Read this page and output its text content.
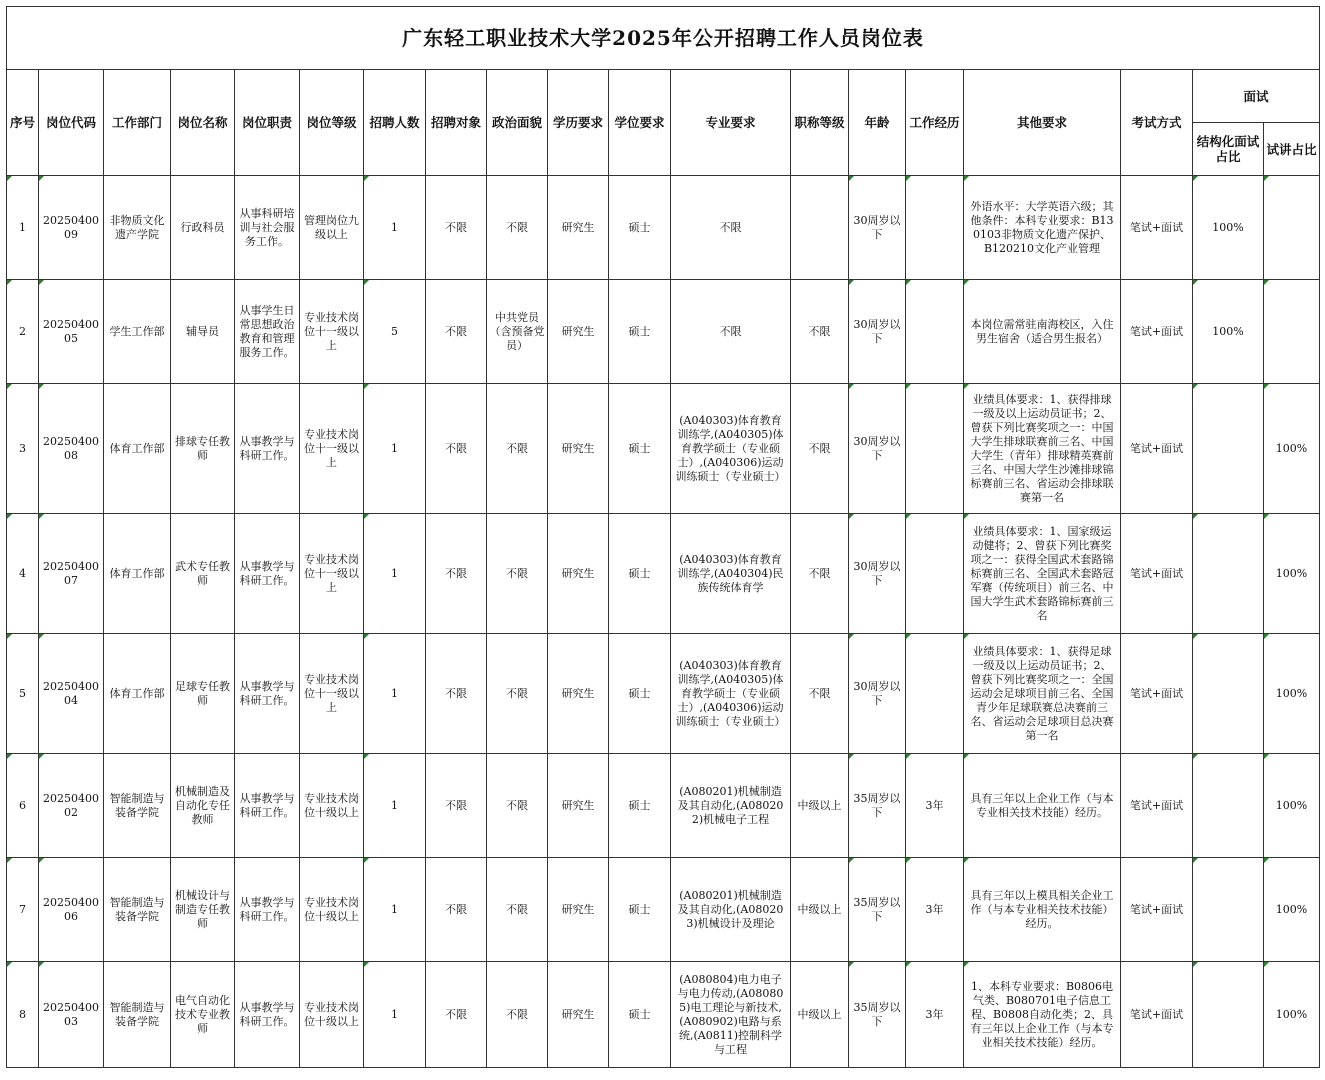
广东轻工职业技术大学2025年公开招聘工作人员岗位表																		
序号	岗位代码	工作部门	岗位名称	岗位职责	岗位等级	招聘人数	招聘对象	政治面貌	学历要求	学位要求	专业要求	职称等级	年龄	工作经历	其他要求	考试方式	面试	
																	结构化面试占比	试讲占比

1	2025040009	非物质文化遗产学院	行政科员	从事科研培训与社会服务工作。	管理岗位九级以上	1	不限	不限	研究生	硕士	不限		30周岁以下		外语水平：大学英语六级；其他条件：本科专业要求：B130103非物质文化遗产保护、B120210文化产业管理	笔试+面试	100%	

2	2025040005	学生工作部	辅导员	从事学生日常思想政治教育和管理服务工作。	专业技术岗位十一级以上	5	不限	中共党员（含预备党员）	研究生	硕士	不限	不限	30周岁以下		本岗位需常驻南海校区，入住男生宿舍（适合男生报名）	笔试+面试	100%	

3	2025040008	体育工作部	排球专任教师	从事教学与科研工作。	专业技术岗位十一级以上	1	不限	不限	研究生	硕士	(A040303)体育教育训练学,(A040305)体育教学硕士（专业硕士）,(A040306)运动训练硕士（专业硕士）	不限	30周岁以下		业绩具体要求：1、获得排球一级及以上运动员证书；2、曾获下列比赛奖项之一：中国大学生排球联赛前三名、中国大学生（青年）排球精英赛前三名、中国大学生沙滩排球锦标赛前三名、省运动会排球联赛第一名	笔试+面试		100%

4	2025040007	体育工作部	武术专任教师	从事教学与科研工作。	专业技术岗位十一级以上	1	不限	不限	研究生	硕士	(A040303)体育教育训练学,(A040304)民族传统体育学	不限	30周岁以下		业绩具体要求：1、国家级运动健将；2、曾获下列比赛奖项之一：获得全国武术套路锦标赛前三名、全国武术套路冠军赛（传统项目）前三名、中国大学生武术套路锦标赛前三名	笔试+面试		100%

5	2025040004	体育工作部	足球专任教师	从事教学与科研工作。	专业技术岗位十一级以上	1	不限	不限	研究生	硕士	(A040303)体育教育训练学,(A040305)体育教学硕士（专业硕士）,(A040306)运动训练硕士（专业硕士）	不限	30周岁以下		业绩具体要求：1、获得足球一级及以上运动员证书；2、曾获下列比赛奖项之一：全国运动会足球项目前三名、全国青少年足球联赛总决赛前三名、省运动会足球项目总决赛第一名	笔试+面试		100%

6	2025040002	智能制造与装备学院	机械制造及自动化专任教师	从事教学与科研工作。	专业技术岗位十级以上	1	不限	不限	研究生	硕士	(A080201)机械制造及其自动化,(A080202)机械电子工程	中级以上	35周岁以下	3年	具有三年以上企业工作（与本专业相关技术技能）经历。	笔试+面试		100%

7	2025040006	智能制造与装备学院	机械设计与制造专任教师	从事教学与科研工作。	专业技术岗位十级以上	1	不限	不限	研究生	硕士	(A080201)机械制造及其自动化,(A080203)机械设计及理论	中级以上	35周岁以下	3年	具有三年以上模具相关企业工作（与本专业相关技术技能）经历。	笔试+面试		100%

8	2025040003	智能制造与装备学院	电气自动化技术专业教师	从事教学与科研工作。	专业技术岗位十级以上	1	不限	不限	研究生	硕士	(A080804)电力电子与电力传动,(A080805)电工理论与新技术,(A080902)电路与系统,(A0811)控制科学与工程	中级以上	35周岁以下	3年	1、本科专业要求：B0806电气类、B080701电子信息工程、B0808自动化类；2、具有三年以上企业工作（与本专业相关技术技能）经历。	笔试+面试		100%
